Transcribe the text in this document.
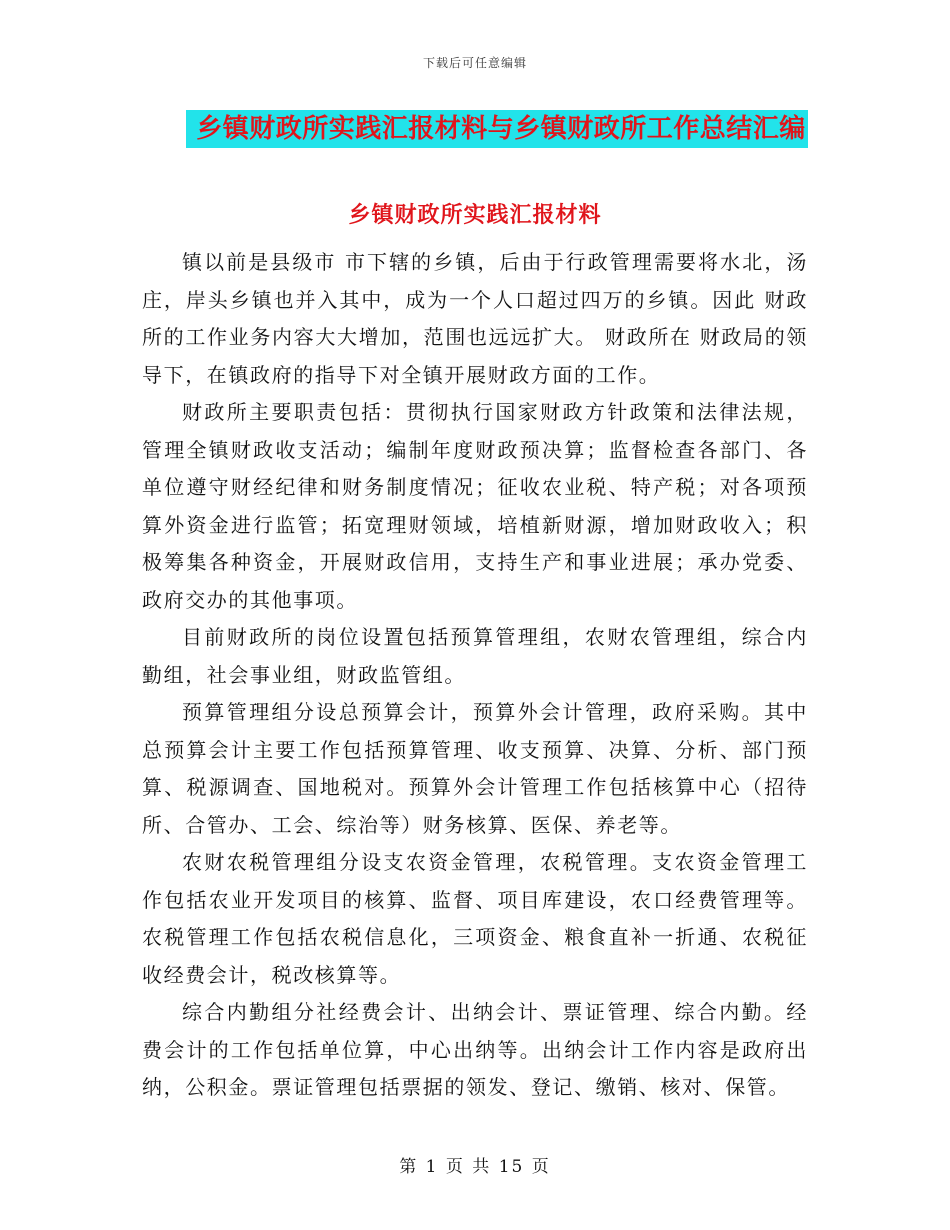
下载后可任意编辑
乡镇财政所实践汇报材料与乡镇财政所工作总结汇编
乡镇财政所实践汇报材料

镇以前是县级市 市下辖的乡镇，后由于行政管理需要将水北，汤庄，岸头乡镇也并入其中，成为一个人口超过四万的乡镇。因此 财政所的工作业务内容大大增加，范围也远远扩大。 财政所在 财政局的领导下，在镇政府的指导下对全镇开展财政方面的工作。

财政所主要职责包括：贯彻执行国家财政方针政策和法律法规，管理全镇财政收支活动；编制年度财政预决算；监督检查各部门、各单位遵守财经纪律和财务制度情况；征收农业税、特产税；对各项预算外资金进行监管；拓宽理财领域，培植新财源，增加财政收入；积极筹集各种资金，开展财政信用，支持生产和事业进展；承办党委、政府交办的其他事项。

目前财政所的岗位设置包括预算管理组，农财农管理组，综合内勤组，社会事业组，财政监管组。

预算管理组分设总预算会计，预算外会计管理，政府采购。其中总预算会计主要工作包括预算管理、收支预算、决算、分析、部门预算、税源调查、国地税对。预算外会计管理工作包括核算中心（招待所、合管办、工会、综治等）财务核算、医保、养老等。

农财农税管理组分设支农资金管理，农税管理。支农资金管理工作包括农业开发项目的核算、监督、项目库建设，农口经费管理等。农税管理工作包括农税信息化，三项资金、粮食直补一折通、农税征收经费会计，税改核算等。

综合内勤组分社经费会计、出纳会计、票证管理、综合内勤。经费会计的工作包括单位算，中心出纳等。出纳会计工作内容是政府出纳，公积金。票证管理包括票据的领发、登记、缴销、核对、保管。

第 1 页 共 15 页
